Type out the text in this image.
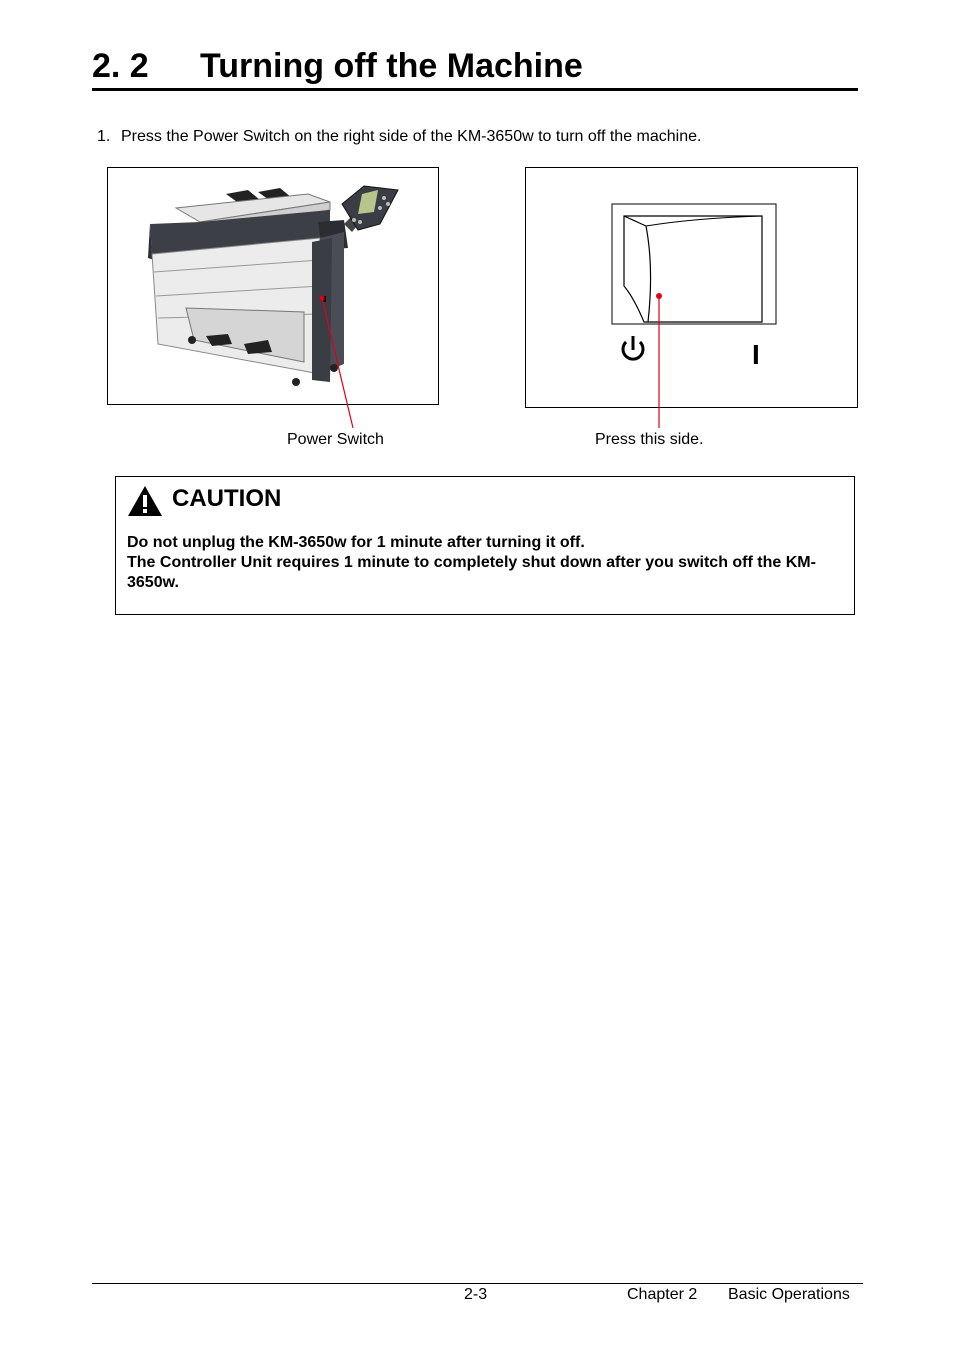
2. 2 Turning off the Machine
1. Press the Power Switch on the right side of the KM-3650w to turn off the machine.
I
Power Switch	Press this side.
CAUTION

Do not unplug the KM-3650w for 1 minute after turning it off.

The Controller Unit requires 1 minute to completely shut down after you switch off the KM-3650w.

2-3	Chapter 2 Basic Operations
